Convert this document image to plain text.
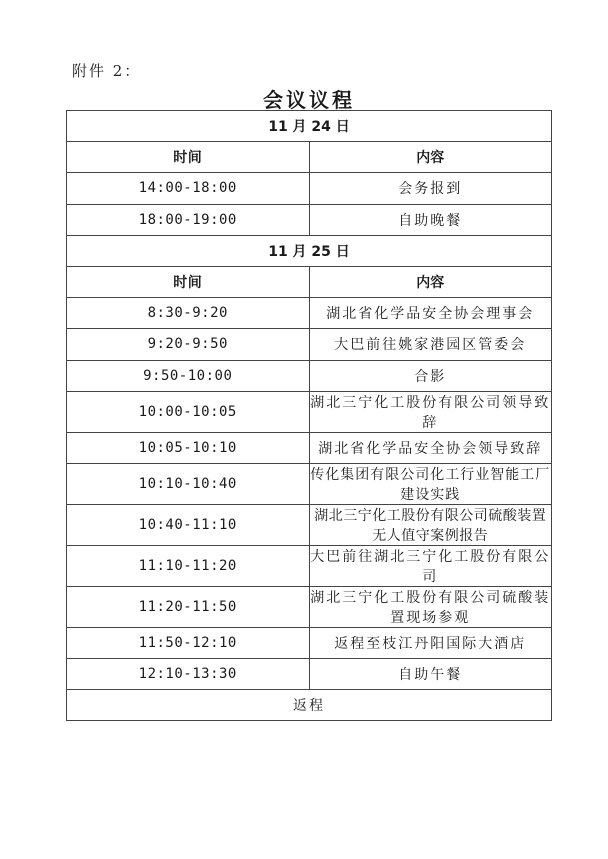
附件 2：
会议议程
11 月 24 日	
时间	内容
14:00-18:00	会务报到
18:00-19:00	自助晚餐
11 月 25 日	
时间	内容
8:30-9:20	湖北省化学品安全协会理事会
9:20-9:50	大巴前往姚家港园区管委会
9:50-10:00	合影
10:00-10:05	湖北三宁化工股份有限公司领导致辞
10:05-10:10	湖北省化学品安全协会领导致辞
10:10-10:40	传化集团有限公司化工行业智能工厂建设实践
10:40-11:10	湖北三宁化工股份有限公司硫酸装置无人值守案例报告
11:10-11:20	大巴前往湖北三宁化工股份有限公司
11:20-11:50	湖北三宁化工股份有限公司硫酸装置现场参观
11:50-12:10	返程至枝江丹阳国际大酒店
12:10-13:30	自助午餐
返程	
